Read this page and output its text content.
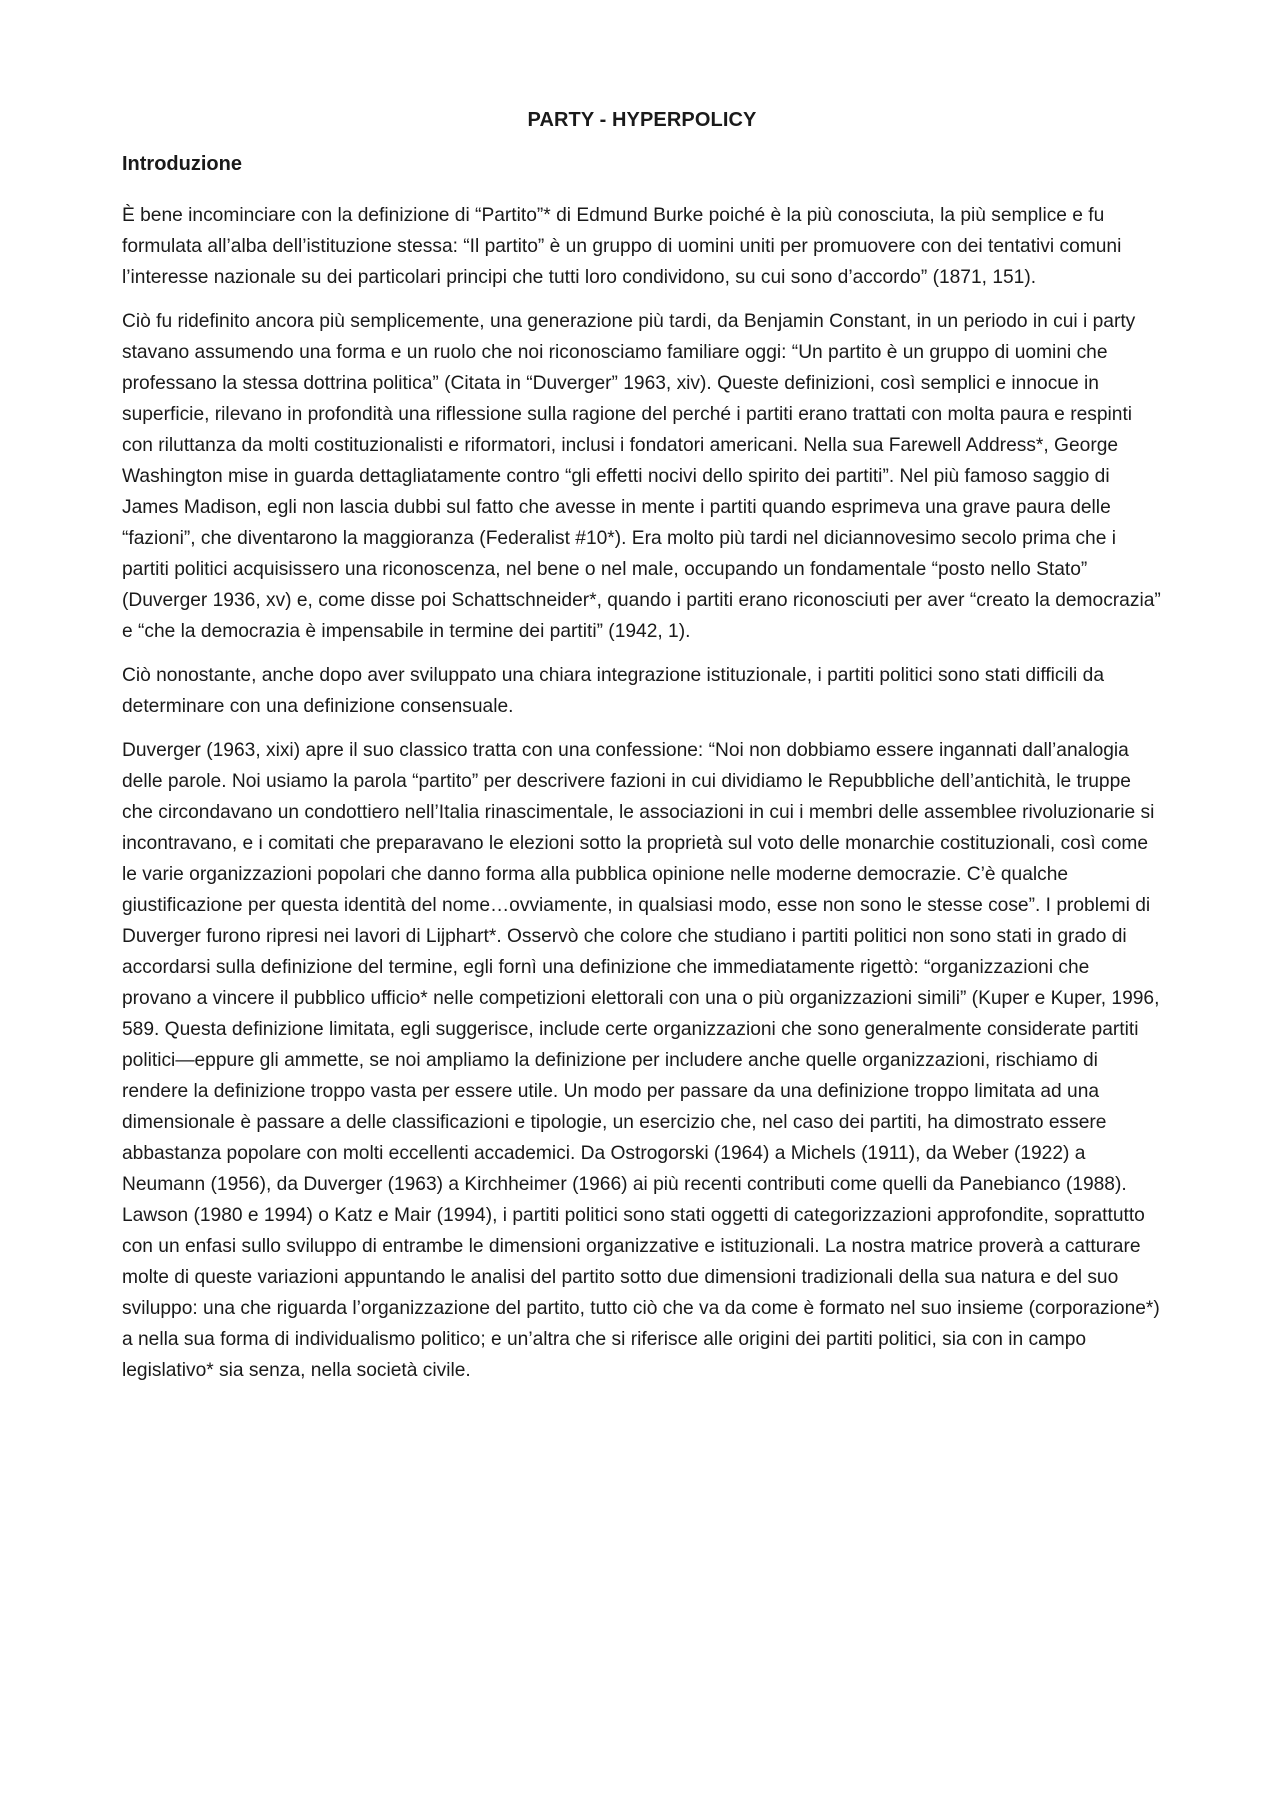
PARTY - HYPERPOLICY
Introduzione

È bene incominciare con la definizione di “Partito”* di Edmund Burke poiché è la più conosciuta, la più semplice e fu formulata all’alba dell’istituzione stessa: “Il partito” è un gruppo di uomini uniti per promuovere con dei tentativi comuni l’interesse nazionale su dei particolari principi che tutti loro condividono, su cui sono d’accordo” (1871, 151).

Ciò fu ridefinito ancora più semplicemente, una generazione più tardi, da Benjamin Constant, in un periodo in cui i party stavano assumendo una forma e un ruolo che noi riconosciamo familiare oggi: “Un partito è un gruppo di uomini che professano la stessa dottrina politica” (Citata in “Duverger” 1963, xiv). Queste definizioni, così semplici e innocue in superficie, rilevano in profondità una riflessione sulla ragione del perché i partiti erano trattati con molta paura e respinti con riluttanza da molti costituzionalisti e riformatori, inclusi i fondatori americani. Nella sua Farewell Address*, George Washington mise in guarda dettagliatamente contro “gli effetti nocivi dello spirito dei partiti”. Nel più famoso saggio di James Madison, egli non lascia dubbi sul fatto che avesse in mente i partiti quando esprimeva una grave paura delle “fazioni”, che diventarono la maggioranza (Federalist #10*). Era molto più tardi nel diciannovesimo secolo prima che i partiti politici acquisissero una riconoscenza, nel bene o nel male, occupando un fondamentale “posto nello Stato” (Duverger 1936, xv) e, come disse poi Schattschneider*, quando i partiti erano riconosciuti per aver “creato la democrazia” e “che la democrazia è impensabile in termine dei partiti” (1942, 1).

Ciò nonostante, anche dopo aver sviluppato una chiara integrazione istituzionale, i partiti politici sono stati difficili da determinare con una definizione consensuale.

Duverger (1963, xixi) apre il suo classico tratta con una confessione: “Noi non dobbiamo essere ingannati dall’analogia delle parole. Noi usiamo la parola “partito” per descrivere fazioni in cui dividiamo le Repubbliche dell’antichità, le truppe che circondavano un condottiero nell’Italia rinascimentale, le associazioni in cui i membri delle assemblee rivoluzionarie si incontravano, e i comitati che preparavano le elezioni sotto la proprietà sul voto delle monarchie costituzionali, così come le varie organizzazioni popolari che danno forma alla pubblica opinione nelle moderne democrazie. C’è qualche giustificazione per questa identità del nome…ovviamente, in qualsiasi modo, esse non sono le stesse cose”. I problemi di Duverger furono ripresi nei lavori di Lijphart*. Osservò che colore che studiano i partiti politici non sono stati in grado di accordarsi sulla definizione del termine, egli fornì una definizione che immediatamente rigettò: “organizzazioni che provano a vincere il pubblico ufficio* nelle competizioni elettorali con una o più organizzazioni simili” (Kuper e Kuper, 1996, 589. Questa definizione limitata, egli suggerisce, include certe organizzazioni che sono generalmente considerate partiti politici—eppure gli ammette, se noi ampliamo la definizione per includere anche quelle organizzazioni, rischiamo di rendere la definizione troppo vasta per essere utile. Un modo per passare da una definizione troppo limitata ad una dimensionale è passare a delle classificazioni e tipologie, un esercizio che, nel caso dei partiti, ha dimostrato essere abbastanza popolare con molti eccellenti accademici. Da Ostrogorski (1964) a Michels (1911), da Weber (1922) a Neumann (1956), da Duverger (1963) a Kirchheimer (1966) ai più recenti contributi come quelli da Panebianco (1988). Lawson (1980 e 1994) o Katz e Mair (1994), i partiti politici sono stati oggetti di categorizzazioni approfondite, soprattutto con un enfasi sullo sviluppo di entrambe le dimensioni organizzative e istituzionali. La nostra matrice proverà a catturare molte di queste variazioni appuntando le analisi del partito sotto due dimensioni tradizionali della sua natura e del suo sviluppo: una che riguarda l’organizzazione del partito, tutto ciò che va da come è formato nel suo insieme (corporazione*) a nella sua forma di individualismo politico; e un’altra che si riferisce alle origini dei partiti politici, sia con in campo legislativo* sia senza, nella società civile.
